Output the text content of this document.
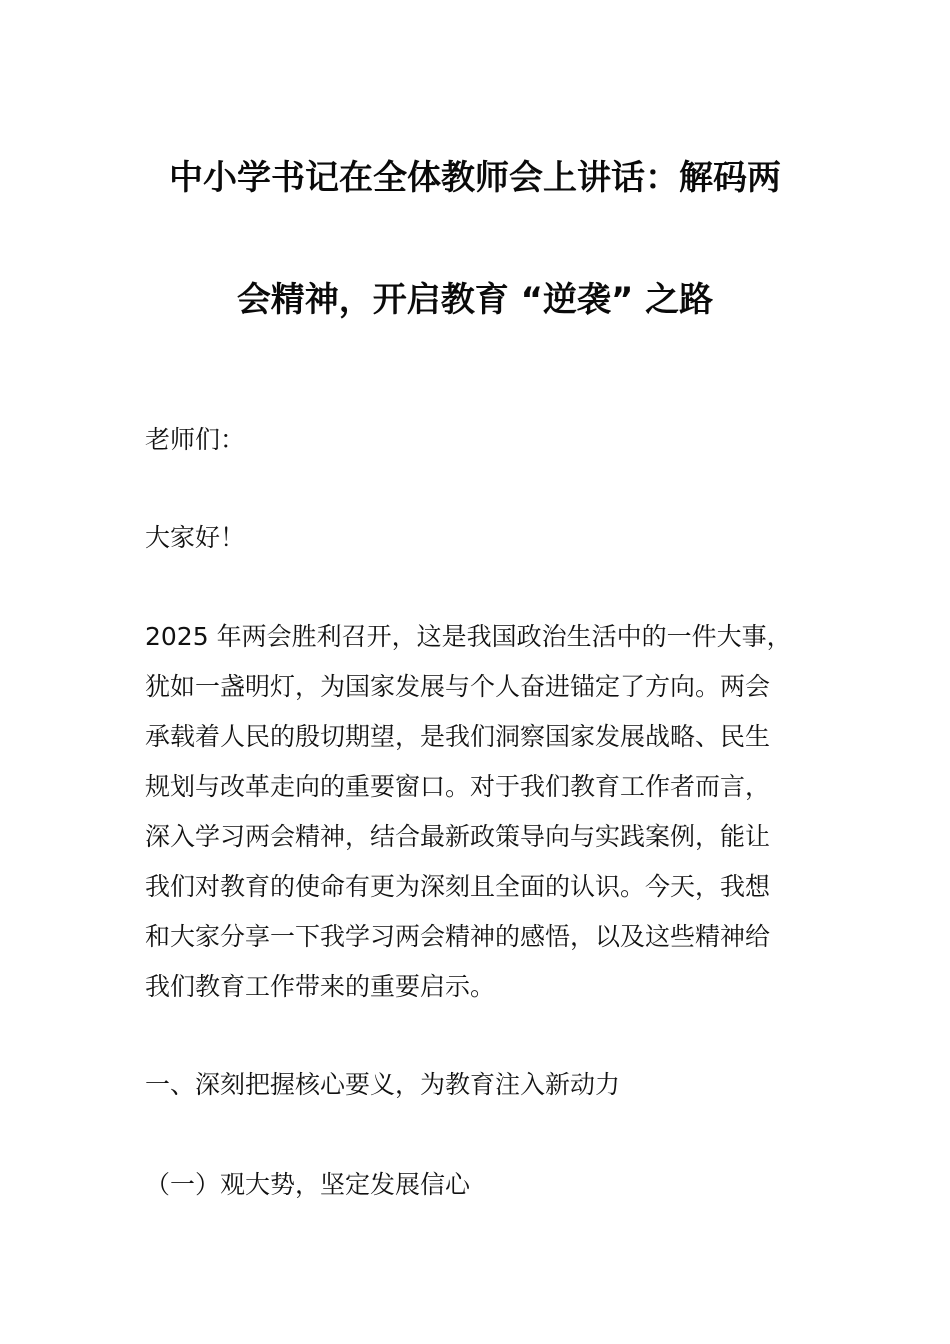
中小学书记在全体教师会上讲话：解码两
会精神，开启教育 “逆袭” 之路
老师们：
大家好！
2025 年两会胜利召开，这是我国政治生活中的一件大事，
犹如一盏明灯，为国家发展与个人奋进锚定了方向。两会
承载着人民的殷切期望，是我们洞察国家发展战略、民生
规划与改革走向的重要窗口。对于我们教育工作者而言，
深入学习两会精神，结合最新政策导向与实践案例，能让
我们对教育的使命有更为深刻且全面的认识。今天，我想
和大家分享一下我学习两会精神的感悟，以及这些精神给
我们教育工作带来的重要启示。
一、深刻把握核心要义，为教育注入新动力
（一）观大势，坚定发展信心
